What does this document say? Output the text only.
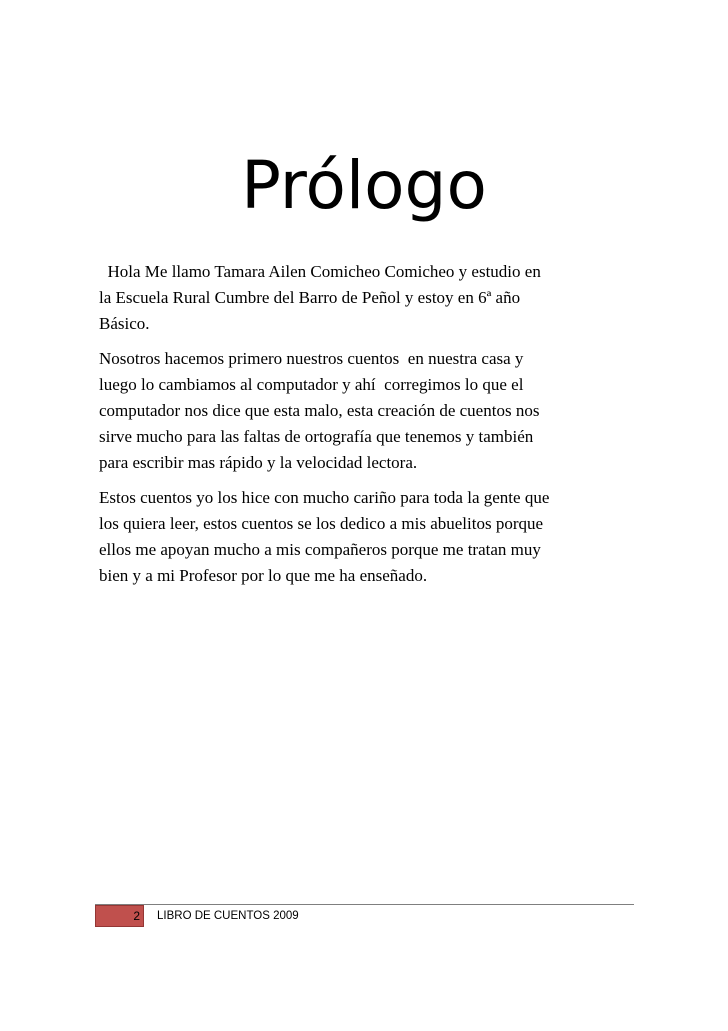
Prólogo

Hola Me llamo Tamara Ailen Comicheo Comicheo y estudio en
la Escuela Rural Cumbre del Barro de Peñol y estoy en 6ª año
Básico.

Nosotros hacemos primero nuestros cuentos  en nuestra casa y
luego lo cambiamos al computador y ahí  corregimos lo que el
computador nos dice que esta malo, esta creación de cuentos nos
sirve mucho para las faltas de ortografía que tenemos y también
para escribir mas rápido y la velocidad lectora.

Estos cuentos yo los hice con mucho cariño para toda la gente que
los quiera leer, estos cuentos se los dedico a mis abuelitos porque
ellos me apoyan mucho a mis compañeros porque me tratan muy
bien y a mi Profesor por lo que me ha enseñado.

2 LIBRO DE CUENTOS 2009
